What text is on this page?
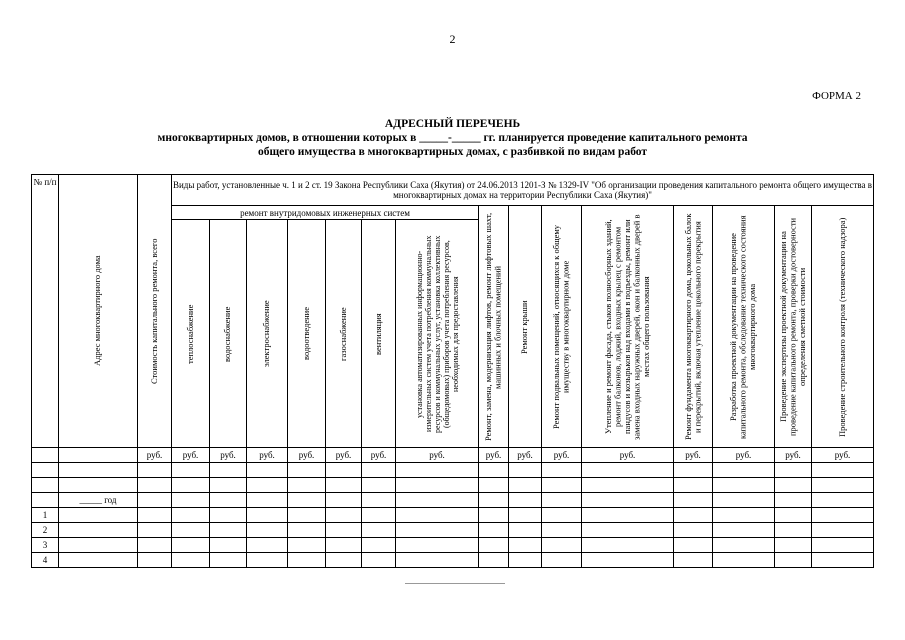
2
ФОРМА 2
АДРЕСНЫЙ ПЕРЕЧЕНЬ
многоквартирных домов, в отношении которых в _____-_____ гг. планируется проведение капитального ремонта
общего имущества в многоквартирных домах, с разбивкой по видам работ
№ п/п	Адрес многоквартирного дома	Стоимость капитального ремонта, всего	Виды работ, установленные ч. 1 и 2 ст. 19 Закона Республики Саха (Якутия) от 24.06.2013 1201-З № 1329-IV "Об организации проведения капитального ремонта общего имущества в многоквартирных домах на территории Республики Саха (Якутия)"														
			ремонт внутридомовых инженерных систем							Ремонт, замена, модернизация лифтов, ремонт лифтовых шахт, машинных и блочных помещений	Ремонт крыши	Ремонт подвальных помещений, относящихся к общему имуществу в многоквартирном доме	Утепление и ремонт фасада, стыков полносборных зданий, ремонт балконов, лоджий, входных крылец с ремонтом пандусов и козырьков над входами в подъезды, ремонт или замена входных наружных дверей, окон и балконных дверей в местах общего пользования	Ремонт фундамента многоквартирного дома, цокольных балок и перекрытий, включая утепление цокольного перекрытия	Разработка проектной документации на проведение капитального ремонта, обследование технического состояния многоквартирного дома	Проведение экспертизы проектной документации на проведение капитального ремонта, проверки достоверности определения сметной стоимости	Проведение строительного контроля (технического надзора)

			теплоснабжение	водоснабжение	электроснабжение	водоотведение	газоснабжение	вентиляция	установка автоматизированных информационно-измерительных систем учета потребления коммунальных ресурсов и коммунальных услуг, установка коллективных (общедомовых) приборов учета потребления ресурсов, необходимых для предоставления								

		руб.	руб.	руб.	руб.	руб.	руб.	руб.	руб.	руб.	руб.	руб.	руб.	руб.	руб.	руб.	руб.

	_____ год																
1																	
2																	
3																	
4																	
